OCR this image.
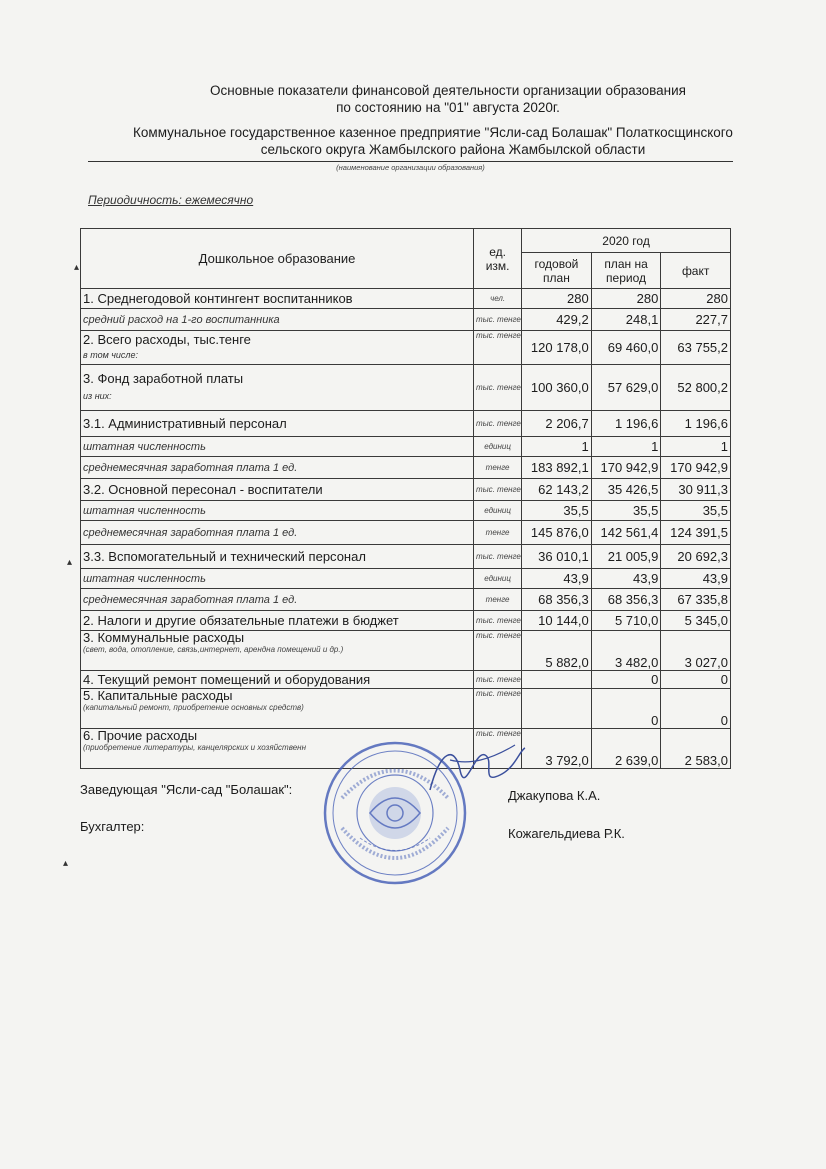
Основные показатели финансовой деятельности организации образования
по состоянию на "01" августа 2020г.
Коммунальное государственное казенное предприятие "Ясли-сад Болашак" Полаткосщинского
сельского округа Жамбылского района Жамбылской области
(наименование организации образования)
Периодичность: ежемесячно
Дошкольное образование	ед. изм.	2020 год		
		годовой план	план на период	факт
1. Среднегодовой контингент воспитанников	чел.	280	280	280
средний расход на 1-го воспитанника	тыс. тенге	429,2	248,1	227,7
2. Всего расходы, тыс.тенге
в том числе:	тыс. тенге	120 178,0	69 460,0	63 755,2
3. Фонд заработной платы
из них:	тыс. тенге	100 360,0	57 629,0	52 800,2
3.1. Административный персонал	тыс. тенге	2 206,7	1 196,6	1 196,6
штатная численность	единиц	1	1	1
среднемесячная заработная плата 1 ед.	тенге	183 892,1	170 942,9	170 942,9
3.2. Основной пересонал - воспитатели	тыс. тенге	62 143,2	35 426,5	30 911,3
штатная численность	единиц	35,5	35,5	35,5
среднемесячная заработная плата 1 ед.	тенге	145 876,0	142 561,4	124 391,5
3.3. Вспомогательный и технический персонал	тыс. тенге	36 010,1	21 005,9	20 692,3
штатная численность	единиц	43,9	43,9	43,9
среднемесячная заработная плата 1 ед.	тенге	68 356,3	68 356,3	67 335,8
2. Налоги и другие обязательные платежи в бюджет	тыс. тенге	10 144,0	5 710,0	5 345,0
3. Коммунальные расходы
(свет, вода, отопление, связь,интернет, арендна помещений и др.)	тыс. тенге	5 882,0	3 482,0	3 027,0
4. Текущий ремонт помещений и оборудования	тыс. тенге		0	0
5. Капитальные расходы
(капитальный ремонт, приобретение основных средств)	тыс. тенге		0	0
6. Прочие расходы
(приобретение литературы, канцелярских и хозяйственн	тыс. тенге	3 792,0	2 639,0	2 583,0
Заведующая "Ясли-сад "Болашак":	Джакупова К.А.
Бухгалтер:	Кожагельдиева Р.К.
▴
▴
▴
